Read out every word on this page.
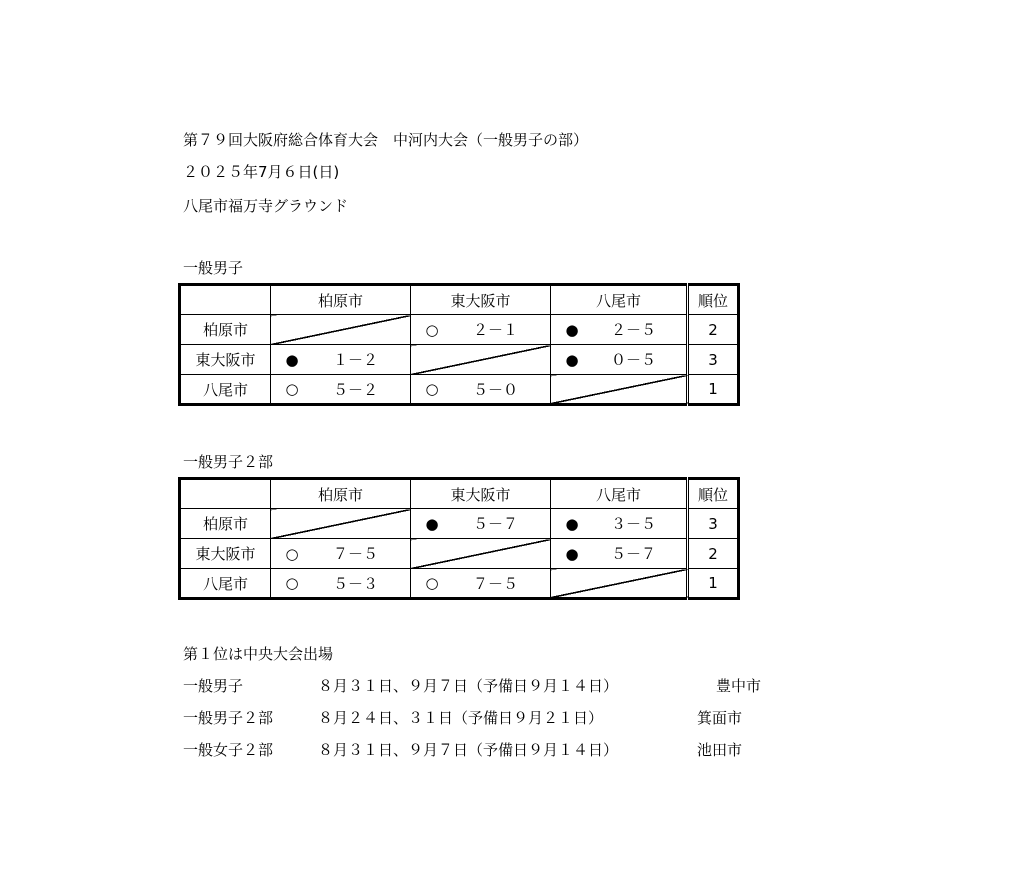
第７９回大阪府総合体育大会　中河内大会（一般男子の部）
２０２５年7月６日(日)
八尾市福万寺グラウンド
一般男子
	柏原市	東大阪市	八尾市	順位
柏原市		○ ２－１	● ２－５	2
東大阪市	● １－２		● ０－５	3
八尾市	○ ５－２	○ ５－０		1
一般男子２部
	柏原市	東大阪市	八尾市	順位
柏原市		● ５－７	● ３－５	3
東大阪市	○ ７－５		● ５－７	2
八尾市	○ ５－３	○ ７－５		1
第１位は中央大会出場
一般男子	８月３１日、９月７日（予備日９月１４日）	豊中市
一般男子２部	８月２４日、３１日（予備日９月２１日）	箕面市
一般女子２部	８月３１日、９月７日（予備日９月１４日）	池田市
